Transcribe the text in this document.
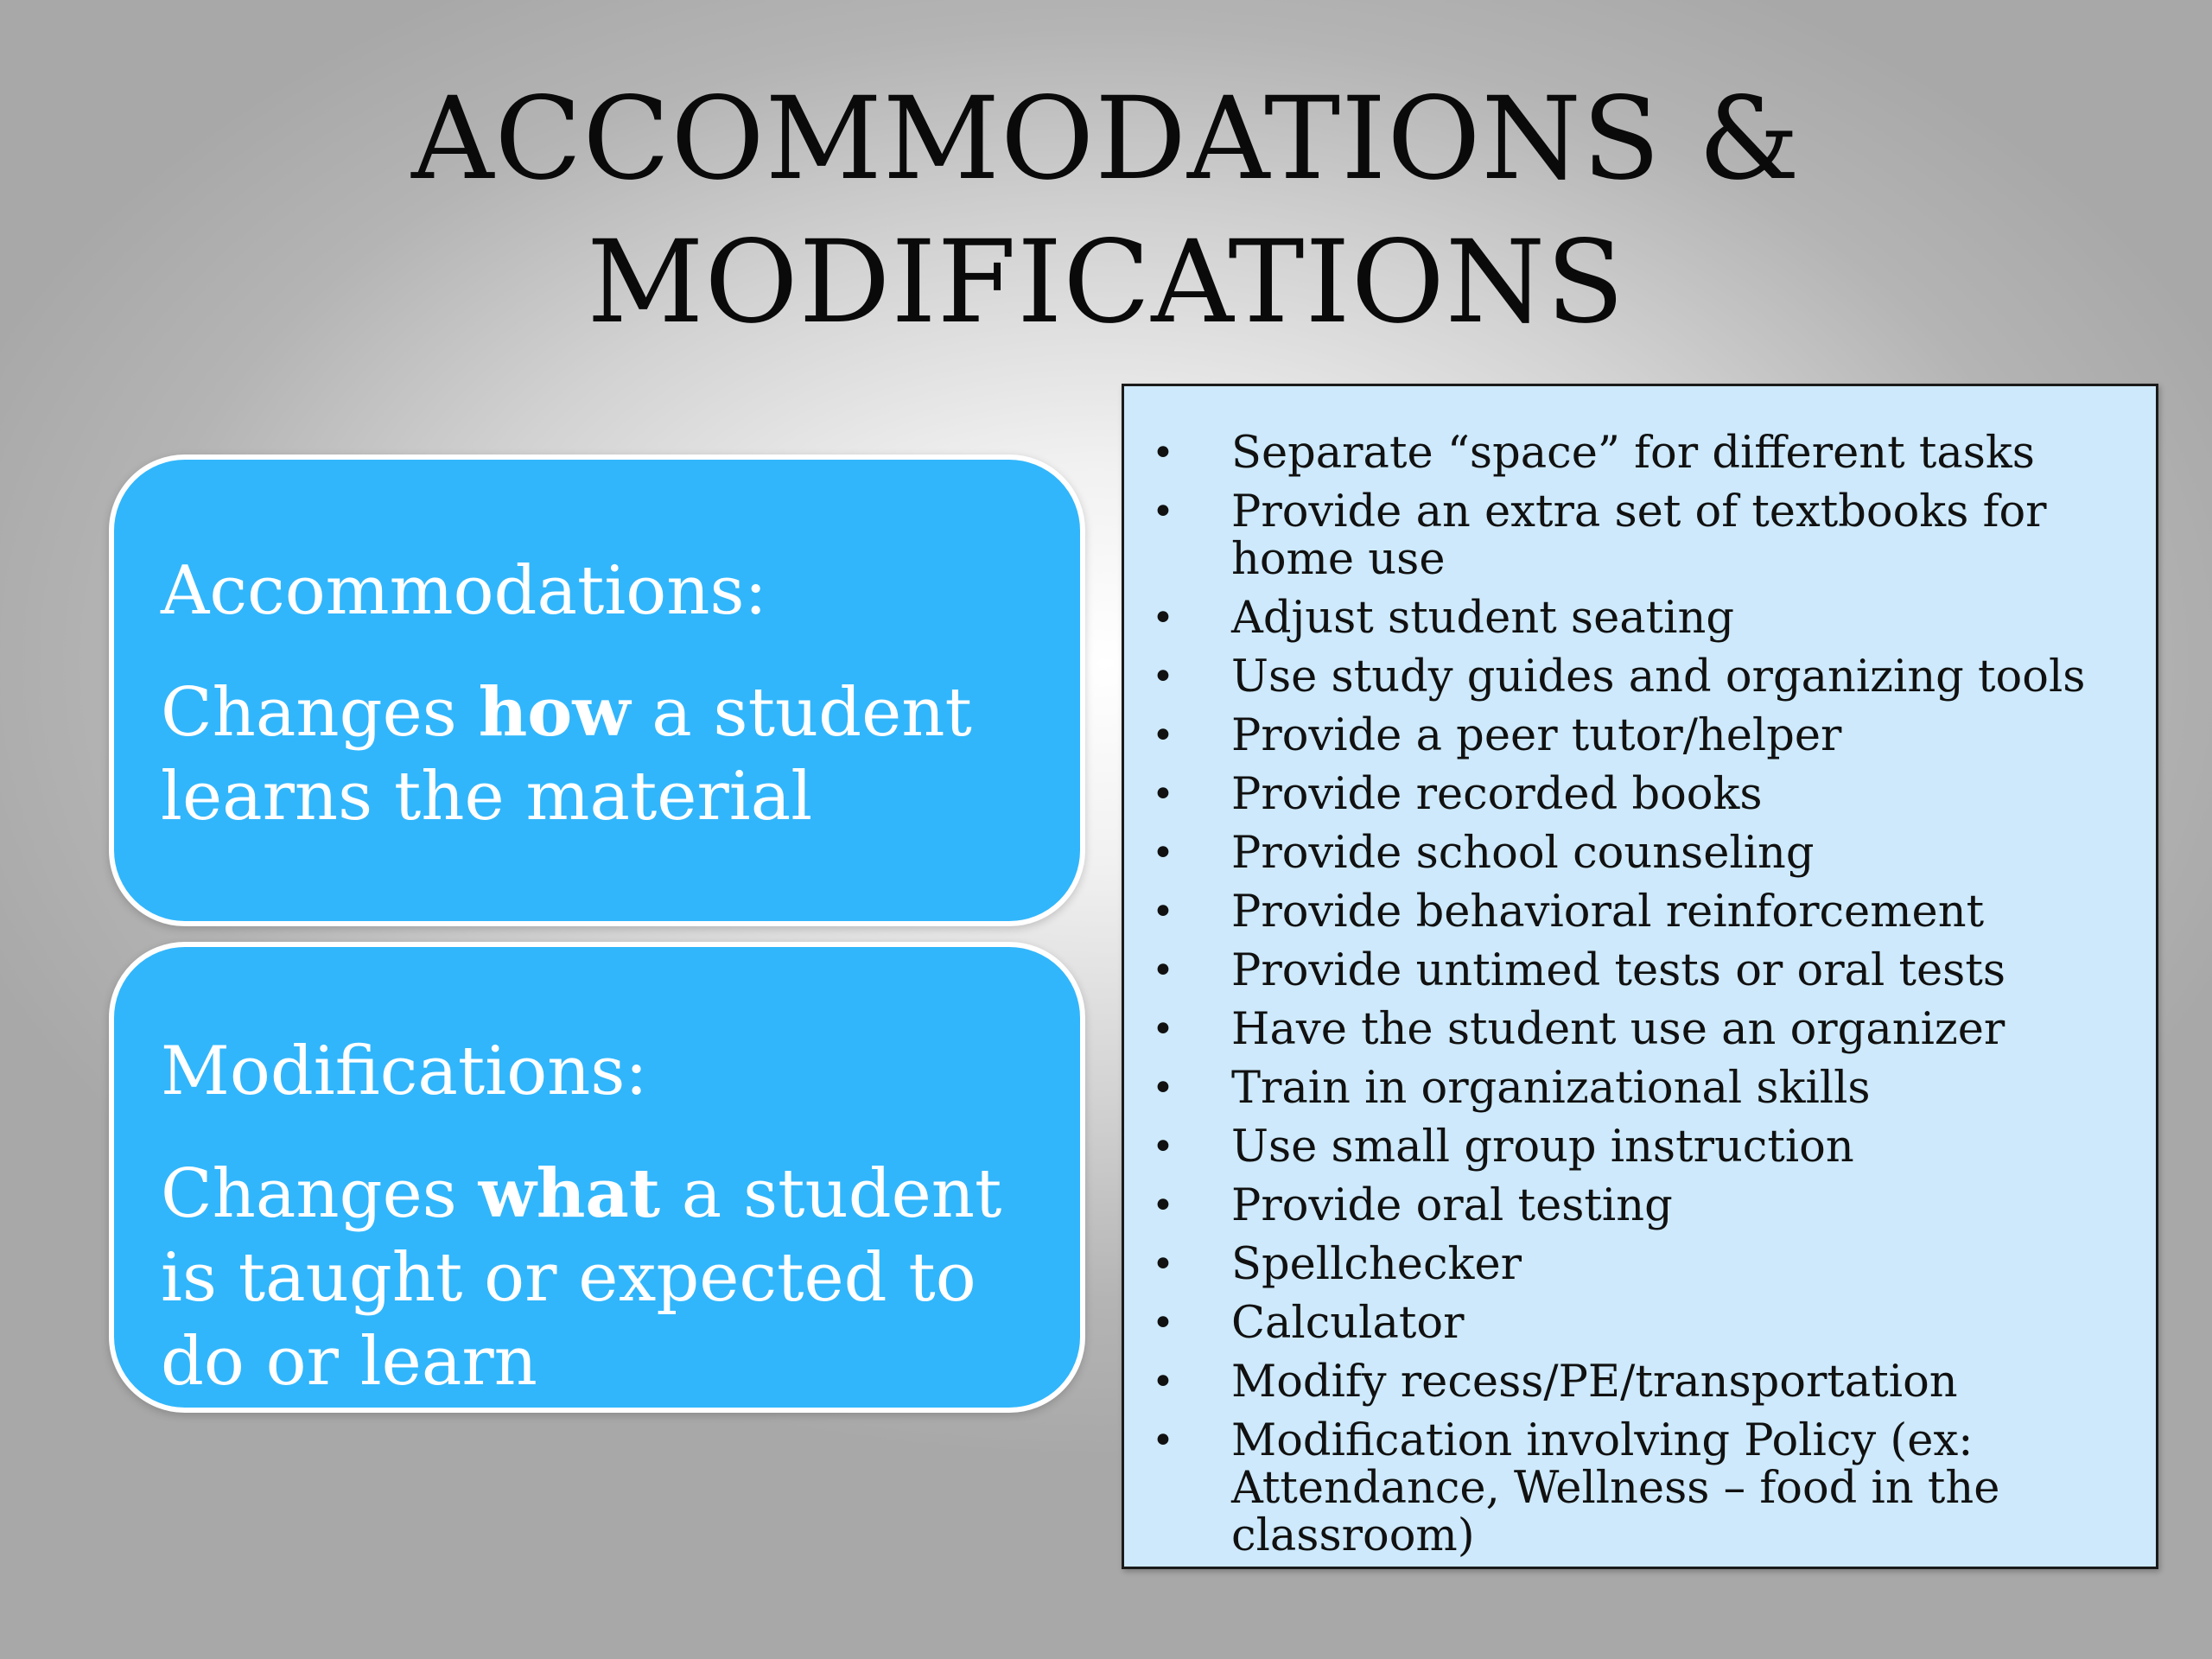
ACCOMMODATIONS &
MODIFICATIONS
Accommodations:
Changes how a student learns the material
Modifications:
Changes what a student is taught or expected to do or learn
• Separate “space” for different tasks
• Provide an extra set of textbooks for home use
• Adjust student seating
• Use study guides and organizing tools
• Provide a peer tutor/helper
• Provide recorded books
• Provide school counseling
• Provide behavioral reinforcement
• Provide untimed tests or oral tests
• Have the student use an organizer
• Train in organizational skills
• Use small group instruction
• Provide oral testing
• Spellchecker
• Calculator
• Modify recess/PE/transportation
• Modification involving Policy (ex: Attendance, Wellness – food in the classroom)
